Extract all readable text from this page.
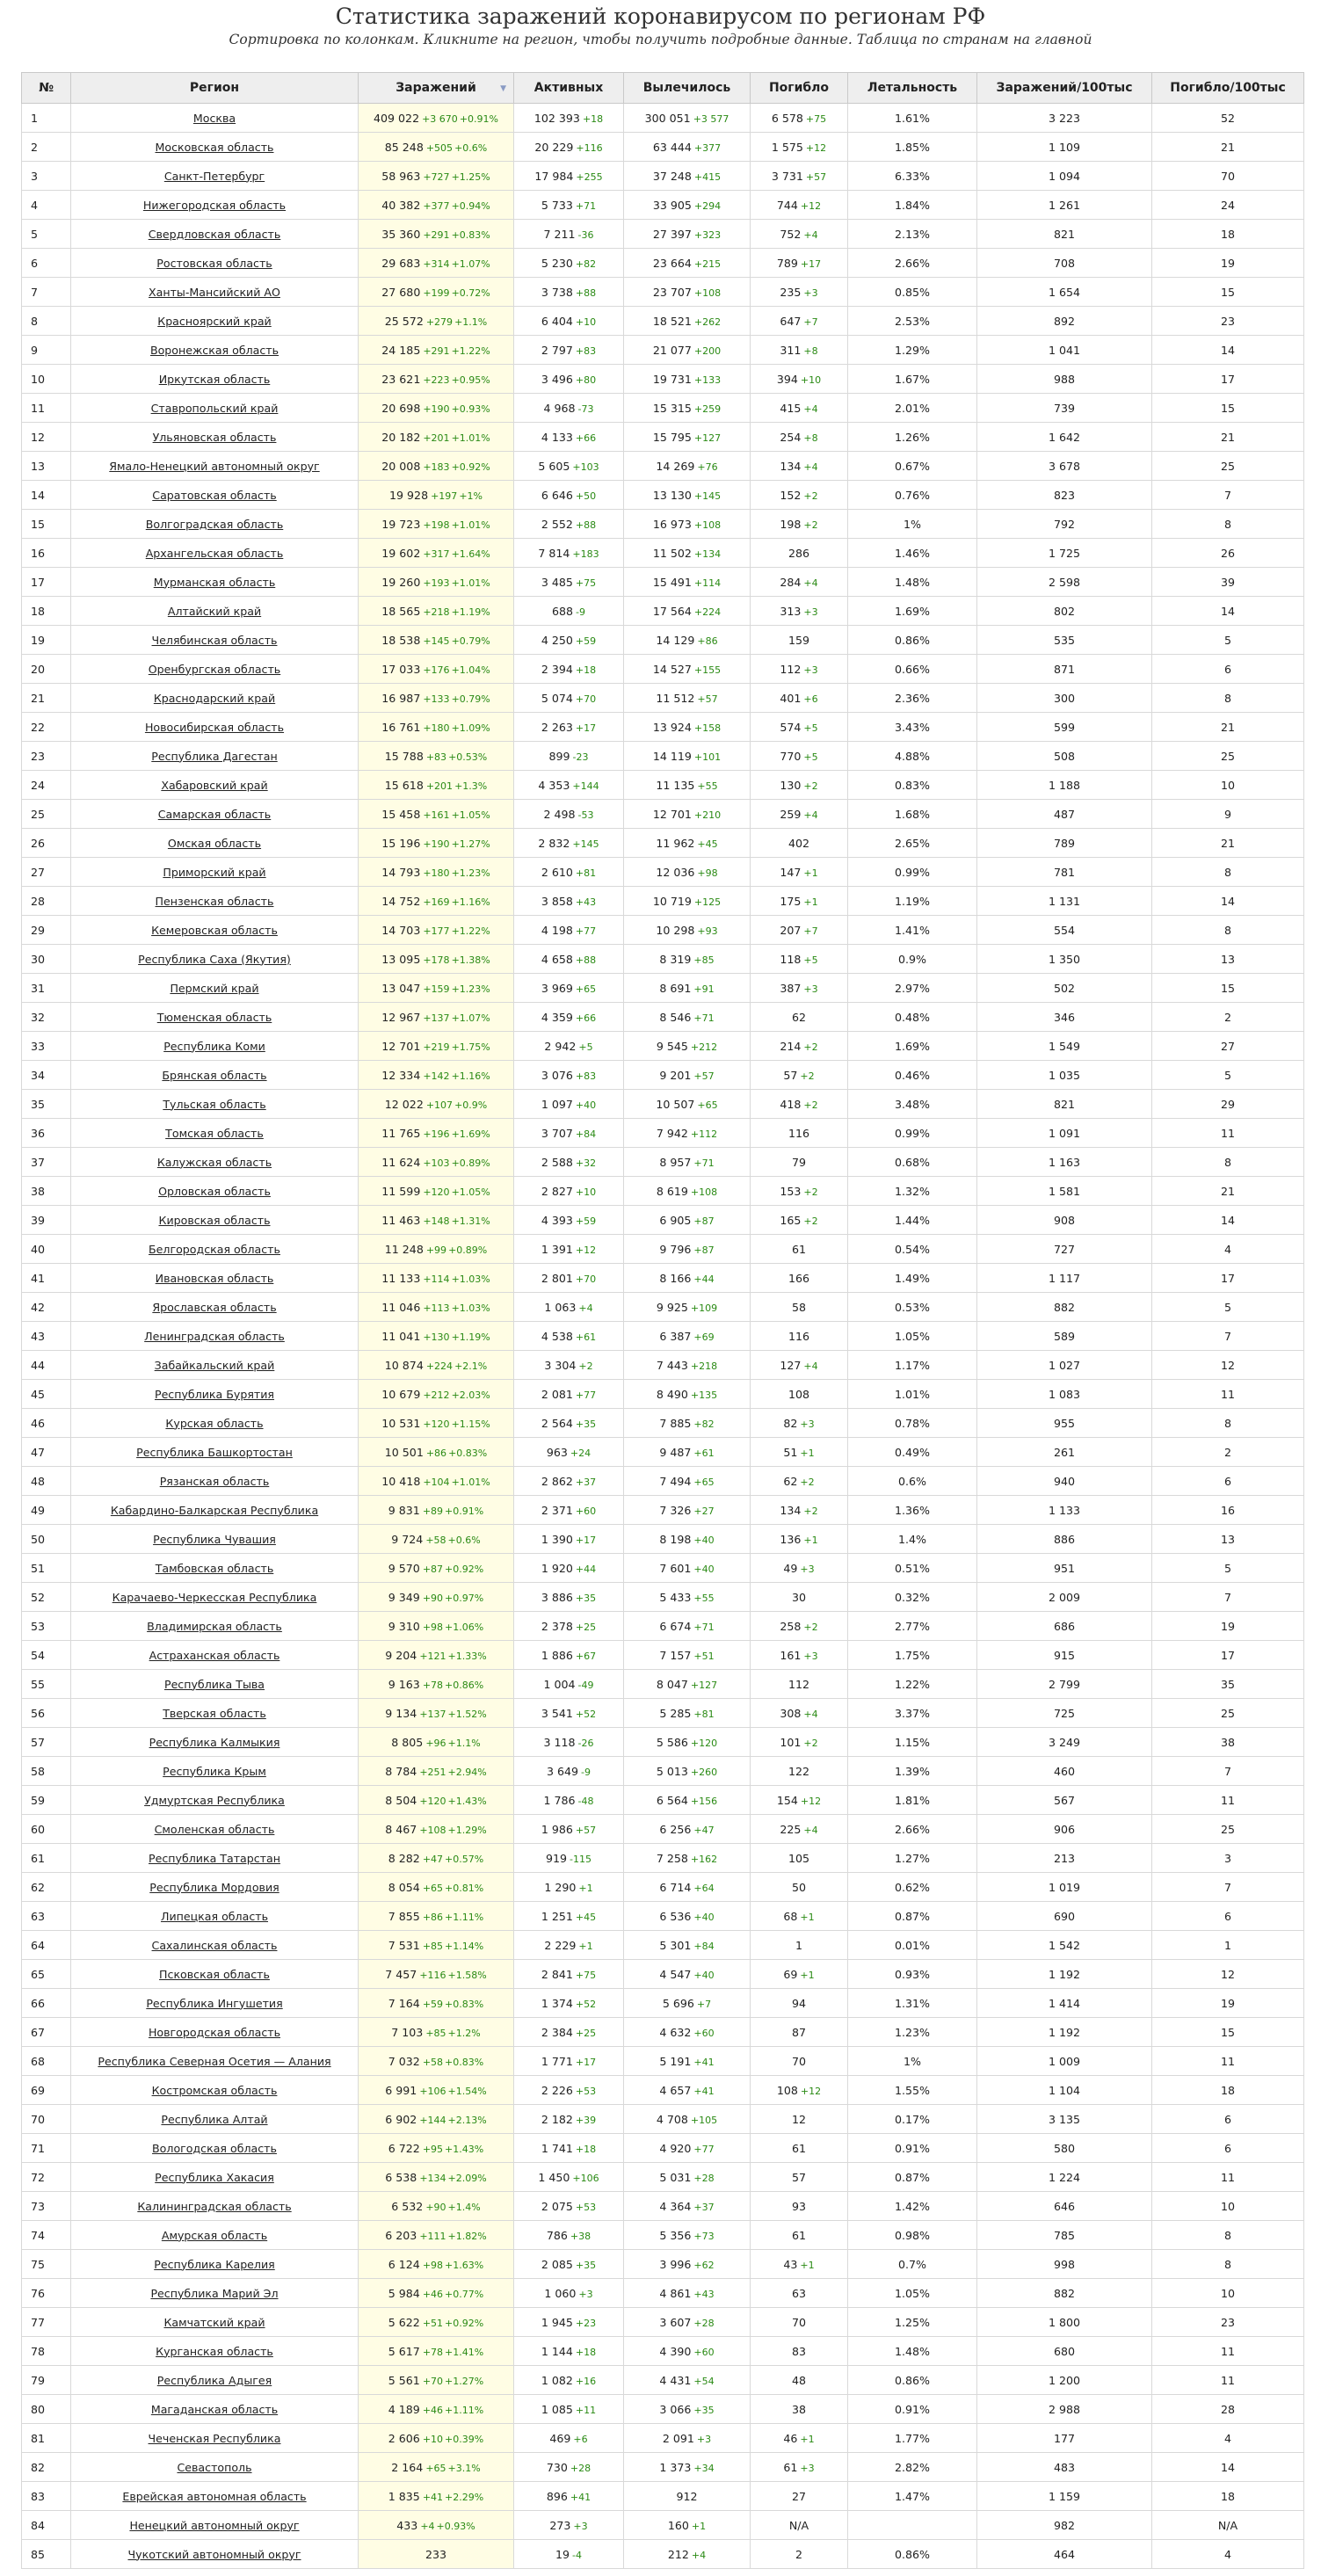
Статистика заражений коронавирусом по регионам РФ
Сортировка по колонкам. Кликните на регион, чтобы получить подробные данные. Таблица по странам на главной
№	Регион	Заражений ▼	Активных	Вылечилось	Погибло	Летальность	Заражений/100тыс	Погибло/100тыс
1	Москва	409 022 +3 670 +0.91%	102 393 +18	300 051 +3 577	6 578 +75	1.61%	3 223	52
2	Московская область	85 248 +505 +0.6%	20 229 +116	63 444 +377	1 575 +12	1.85%	1 109	21
3	Санкт-Петербург	58 963 +727 +1.25%	17 984 +255	37 248 +415	3 731 +57	6.33%	1 094	70
4	Нижегородская область	40 382 +377 +0.94%	5 733 +71	33 905 +294	744 +12	1.84%	1 261	24
5	Свердловская область	35 360 +291 +0.83%	7 211 -36	27 397 +323	752 +4	2.13%	821	18
6	Ростовская область	29 683 +314 +1.07%	5 230 +82	23 664 +215	789 +17	2.66%	708	19
7	Ханты-Мансийский АО	27 680 +199 +0.72%	3 738 +88	23 707 +108	235 +3	0.85%	1 654	15
8	Красноярский край	25 572 +279 +1.1%	6 404 +10	18 521 +262	647 +7	2.53%	892	23
9	Воронежская область	24 185 +291 +1.22%	2 797 +83	21 077 +200	311 +8	1.29%	1 041	14
10	Иркутская область	23 621 +223 +0.95%	3 496 +80	19 731 +133	394 +10	1.67%	988	17
11	Ставропольский край	20 698 +190 +0.93%	4 968 -73	15 315 +259	415 +4	2.01%	739	15
12	Ульяновская область	20 182 +201 +1.01%	4 133 +66	15 795 +127	254 +8	1.26%	1 642	21
13	Ямало-Ненецкий автономный округ	20 008 +183 +0.92%	5 605 +103	14 269 +76	134 +4	0.67%	3 678	25
14	Саратовская область	19 928 +197 +1%	6 646 +50	13 130 +145	152 +2	0.76%	823	7
15	Волгоградская область	19 723 +198 +1.01%	2 552 +88	16 973 +108	198 +2	1%	792	8
16	Архангельская область	19 602 +317 +1.64%	7 814 +183	11 502 +134	286	1.46%	1 725	26
17	Мурманская область	19 260 +193 +1.01%	3 485 +75	15 491 +114	284 +4	1.48%	2 598	39
18	Алтайский край	18 565 +218 +1.19%	688 -9	17 564 +224	313 +3	1.69%	802	14
19	Челябинская область	18 538 +145 +0.79%	4 250 +59	14 129 +86	159	0.86%	535	5
20	Оренбургская область	17 033 +176 +1.04%	2 394 +18	14 527 +155	112 +3	0.66%	871	6
21	Краснодарский край	16 987 +133 +0.79%	5 074 +70	11 512 +57	401 +6	2.36%	300	8
22	Новосибирская область	16 761 +180 +1.09%	2 263 +17	13 924 +158	574 +5	3.43%	599	21
23	Республика Дагестан	15 788 +83 +0.53%	899 -23	14 119 +101	770 +5	4.88%	508	25
24	Хабаровский край	15 618 +201 +1.3%	4 353 +144	11 135 +55	130 +2	0.83%	1 188	10
25	Самарская область	15 458 +161 +1.05%	2 498 -53	12 701 +210	259 +4	1.68%	487	9
26	Омская область	15 196 +190 +1.27%	2 832 +145	11 962 +45	402	2.65%	789	21
27	Приморский край	14 793 +180 +1.23%	2 610 +81	12 036 +98	147 +1	0.99%	781	8
28	Пензенская область	14 752 +169 +1.16%	3 858 +43	10 719 +125	175 +1	1.19%	1 131	14
29	Кемеровская область	14 703 +177 +1.22%	4 198 +77	10 298 +93	207 +7	1.41%	554	8
30	Республика Саха (Якутия)	13 095 +178 +1.38%	4 658 +88	8 319 +85	118 +5	0.9%	1 350	13
31	Пермский край	13 047 +159 +1.23%	3 969 +65	8 691 +91	387 +3	2.97%	502	15
32	Тюменская область	12 967 +137 +1.07%	4 359 +66	8 546 +71	62	0.48%	346	2
33	Республика Коми	12 701 +219 +1.75%	2 942 +5	9 545 +212	214 +2	1.69%	1 549	27
34	Брянская область	12 334 +142 +1.16%	3 076 +83	9 201 +57	57 +2	0.46%	1 035	5
35	Тульская область	12 022 +107 +0.9%	1 097 +40	10 507 +65	418 +2	3.48%	821	29
36	Томская область	11 765 +196 +1.69%	3 707 +84	7 942 +112	116	0.99%	1 091	11
37	Калужская область	11 624 +103 +0.89%	2 588 +32	8 957 +71	79	0.68%	1 163	8
38	Орловская область	11 599 +120 +1.05%	2 827 +10	8 619 +108	153 +2	1.32%	1 581	21
39	Кировская область	11 463 +148 +1.31%	4 393 +59	6 905 +87	165 +2	1.44%	908	14
40	Белгородская область	11 248 +99 +0.89%	1 391 +12	9 796 +87	61	0.54%	727	4
41	Ивановская область	11 133 +114 +1.03%	2 801 +70	8 166 +44	166	1.49%	1 117	17
42	Ярославская область	11 046 +113 +1.03%	1 063 +4	9 925 +109	58	0.53%	882	5
43	Ленинградская область	11 041 +130 +1.19%	4 538 +61	6 387 +69	116	1.05%	589	7
44	Забайкальский край	10 874 +224 +2.1%	3 304 +2	7 443 +218	127 +4	1.17%	1 027	12
45	Республика Бурятия	10 679 +212 +2.03%	2 081 +77	8 490 +135	108	1.01%	1 083	11
46	Курская область	10 531 +120 +1.15%	2 564 +35	7 885 +82	82 +3	0.78%	955	8
47	Республика Башкортостан	10 501 +86 +0.83%	963 +24	9 487 +61	51 +1	0.49%	261	2
48	Рязанская область	10 418 +104 +1.01%	2 862 +37	7 494 +65	62 +2	0.6%	940	6
49	Кабардино-Балкарская Республика	9 831 +89 +0.91%	2 371 +60	7 326 +27	134 +2	1.36%	1 133	16
50	Республика Чувашия	9 724 +58 +0.6%	1 390 +17	8 198 +40	136 +1	1.4%	886	13
51	Тамбовская область	9 570 +87 +0.92%	1 920 +44	7 601 +40	49 +3	0.51%	951	5
52	Карачаево-Черкесская Республика	9 349 +90 +0.97%	3 886 +35	5 433 +55	30	0.32%	2 009	7
53	Владимирская область	9 310 +98 +1.06%	2 378 +25	6 674 +71	258 +2	2.77%	686	19
54	Астраханская область	9 204 +121 +1.33%	1 886 +67	7 157 +51	161 +3	1.75%	915	17
55	Республика Тыва	9 163 +78 +0.86%	1 004 -49	8 047 +127	112	1.22%	2 799	35
56	Тверская область	9 134 +137 +1.52%	3 541 +52	5 285 +81	308 +4	3.37%	725	25
57	Республика Калмыкия	8 805 +96 +1.1%	3 118 -26	5 586 +120	101 +2	1.15%	3 249	38
58	Республика Крым	8 784 +251 +2.94%	3 649 -9	5 013 +260	122	1.39%	460	7
59	Удмуртская Республика	8 504 +120 +1.43%	1 786 -48	6 564 +156	154 +12	1.81%	567	11
60	Смоленская область	8 467 +108 +1.29%	1 986 +57	6 256 +47	225 +4	2.66%	906	25
61	Республика Татарстан	8 282 +47 +0.57%	919 -115	7 258 +162	105	1.27%	213	3
62	Республика Мордовия	8 054 +65 +0.81%	1 290 +1	6 714 +64	50	0.62%	1 019	7
63	Липецкая область	7 855 +86 +1.11%	1 251 +45	6 536 +40	68 +1	0.87%	690	6
64	Сахалинская область	7 531 +85 +1.14%	2 229 +1	5 301 +84	1	0.01%	1 542	1
65	Псковская область	7 457 +116 +1.58%	2 841 +75	4 547 +40	69 +1	0.93%	1 192	12
66	Республика Ингушетия	7 164 +59 +0.83%	1 374 +52	5 696 +7	94	1.31%	1 414	19
67	Новгородская область	7 103 +85 +1.2%	2 384 +25	4 632 +60	87	1.23%	1 192	15
68	Республика Северная Осетия — Алания	7 032 +58 +0.83%	1 771 +17	5 191 +41	70	1%	1 009	11
69	Костромская область	6 991 +106 +1.54%	2 226 +53	4 657 +41	108 +12	1.55%	1 104	18
70	Республика Алтай	6 902 +144 +2.13%	2 182 +39	4 708 +105	12	0.17%	3 135	6
71	Вологодская область	6 722 +95 +1.43%	1 741 +18	4 920 +77	61	0.91%	580	6
72	Республика Хакасия	6 538 +134 +2.09%	1 450 +106	5 031 +28	57	0.87%	1 224	11
73	Калининградская область	6 532 +90 +1.4%	2 075 +53	4 364 +37	93	1.42%	646	10
74	Амурская область	6 203 +111 +1.82%	786 +38	5 356 +73	61	0.98%	785	8
75	Республика Карелия	6 124 +98 +1.63%	2 085 +35	3 996 +62	43 +1	0.7%	998	8
76	Республика Марий Эл	5 984 +46 +0.77%	1 060 +3	4 861 +43	63	1.05%	882	10
77	Камчатский край	5 622 +51 +0.92%	1 945 +23	3 607 +28	70	1.25%	1 800	23
78	Курганская область	5 617 +78 +1.41%	1 144 +18	4 390 +60	83	1.48%	680	11
79	Республика Адыгея	5 561 +70 +1.27%	1 082 +16	4 431 +54	48	0.86%	1 200	11
80	Магаданская область	4 189 +46 +1.11%	1 085 +11	3 066 +35	38	0.91%	2 988	28
81	Чеченская Республика	2 606 +10 +0.39%	469 +6	2 091 +3	46 +1	1.77%	177	4
82	Севастополь	2 164 +65 +3.1%	730 +28	1 373 +34	61 +3	2.82%	483	14
83	Еврейская автономная область	1 835 +41 +2.29%	896 +41	912	27	1.47%	1 159	18
84	Ненецкий автономный округ	433 +4 +0.93%	273 +3	160 +1	N/A		982	N/A
85	Чукотский автономный округ	233	19 -4	212 +4	2	0.86%	464	4
